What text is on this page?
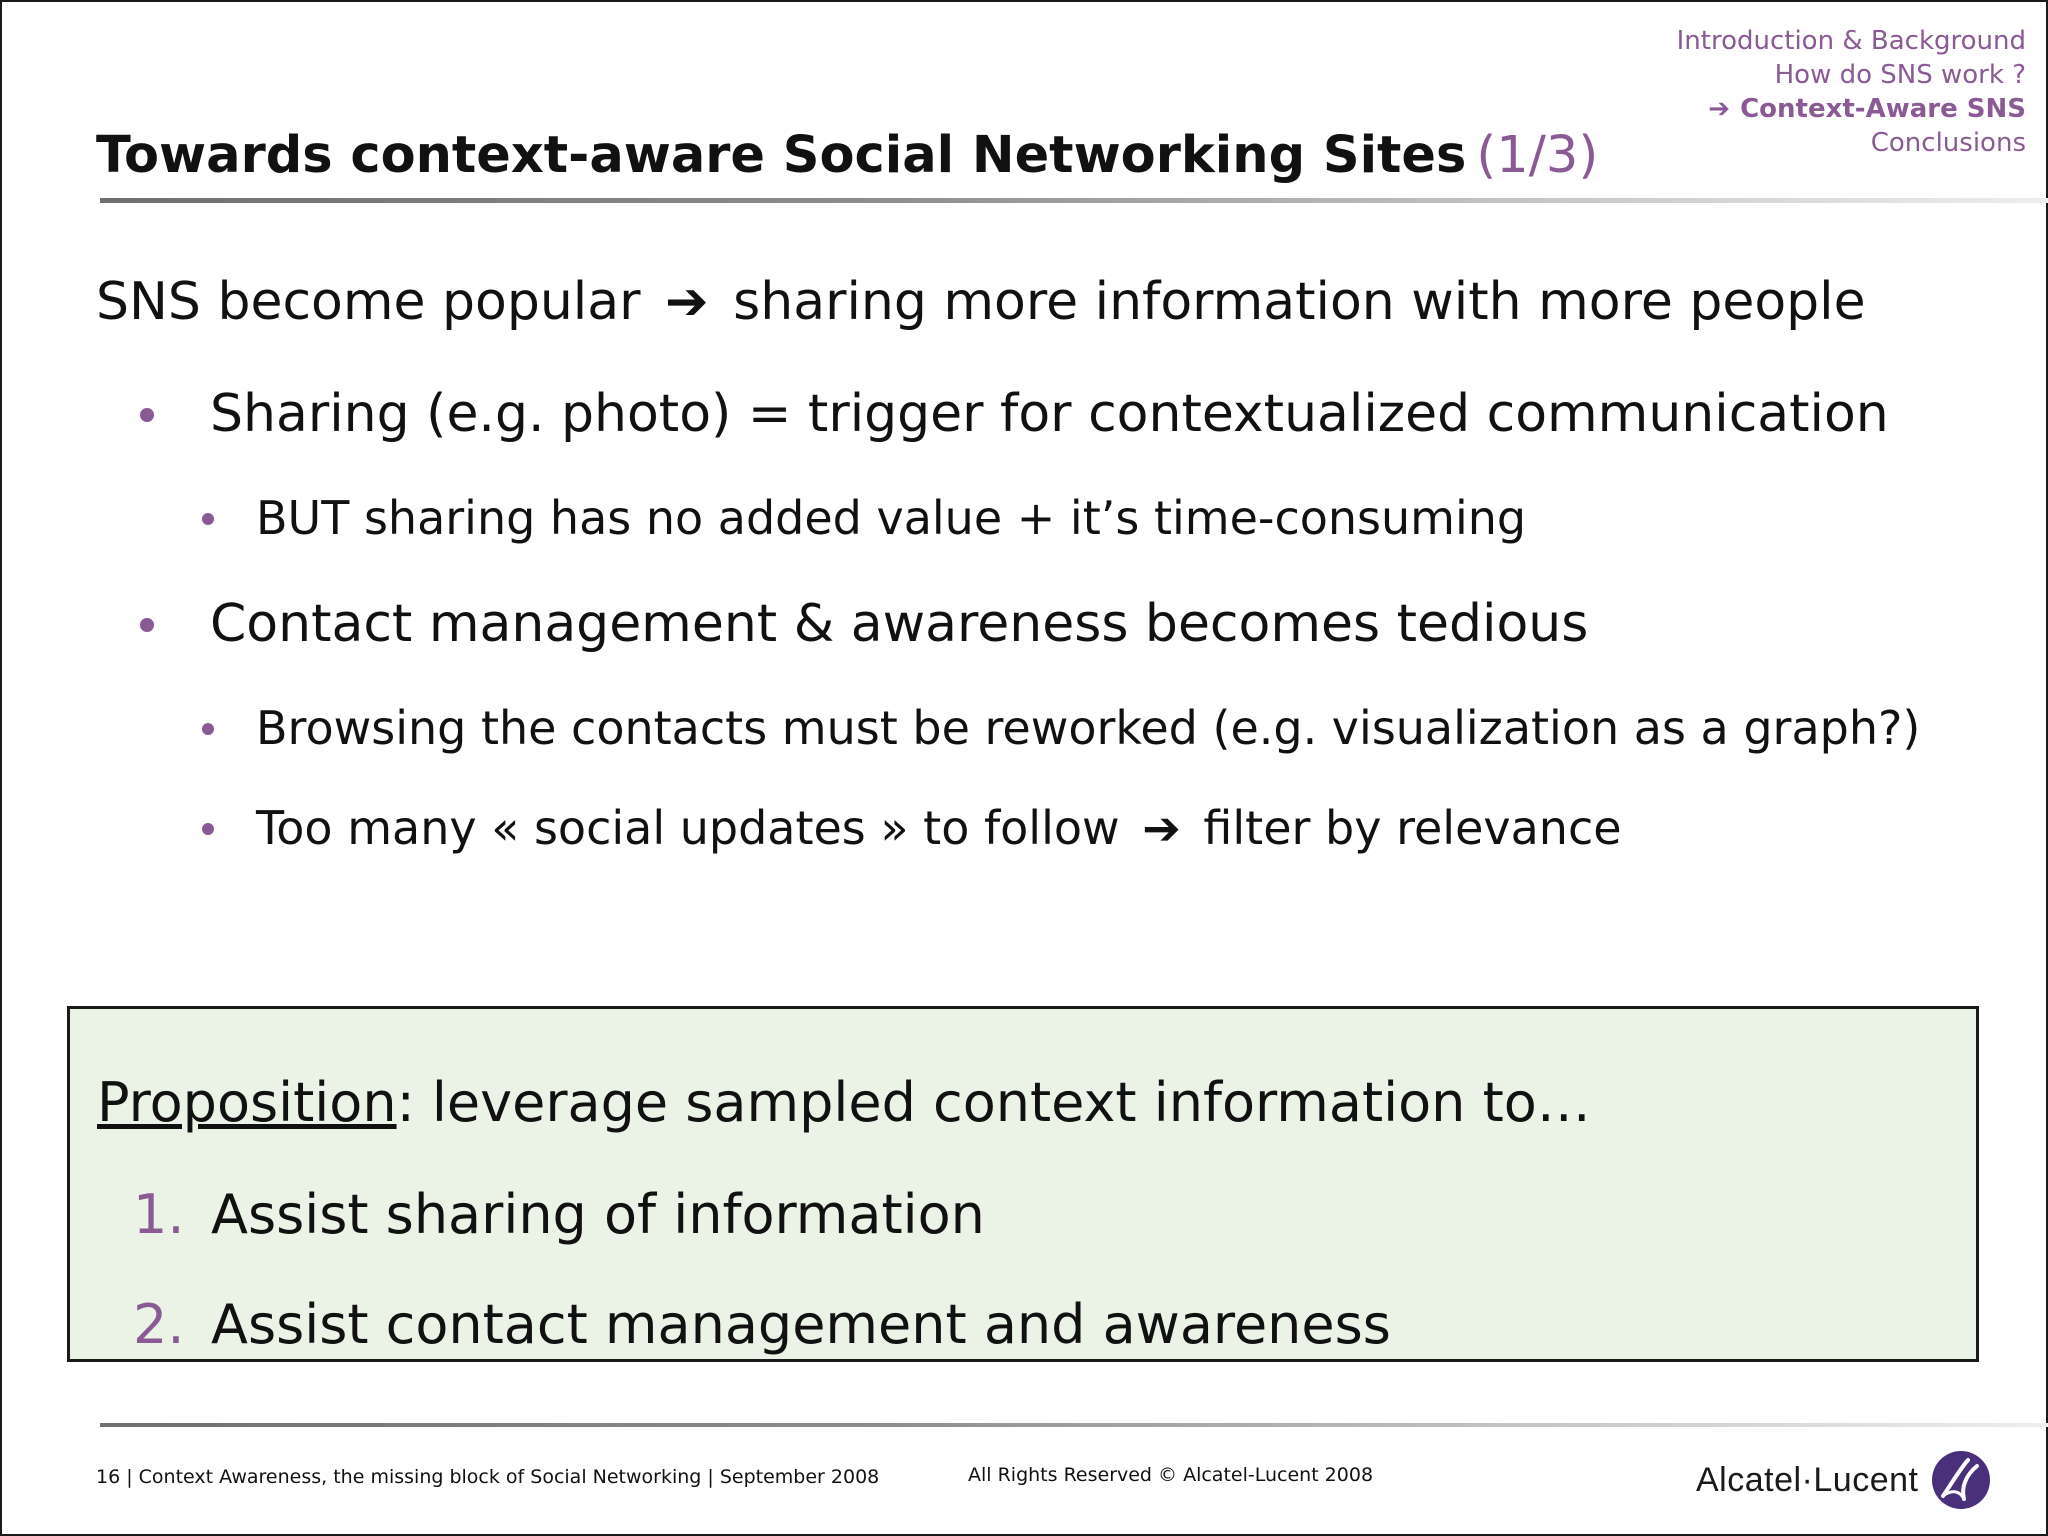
Introduction & Background
How do SNS work ?
➔ Context-Aware SNS
Conclusions
Towards context-aware Social Networking Sites (1/3)
SNS become popular ➔ sharing more information with more people
Sharing (e.g. photo) = trigger for contextualized communication
BUT sharing has no added value + it’s time-consuming
Contact management & awareness becomes tedious
Browsing the contacts must be reworked (e.g. visualization as a graph?)
Too many « social updates » to follow ➔ filter by relevance
Proposition: leverage sampled context information to…
1. Assist sharing of information
2. Assist contact management and awareness
16 | Context Awareness, the missing block of Social Networking | September 2008	All Rights Reserved © Alcatel-Lucent 2008	Alcatel·Lucent
